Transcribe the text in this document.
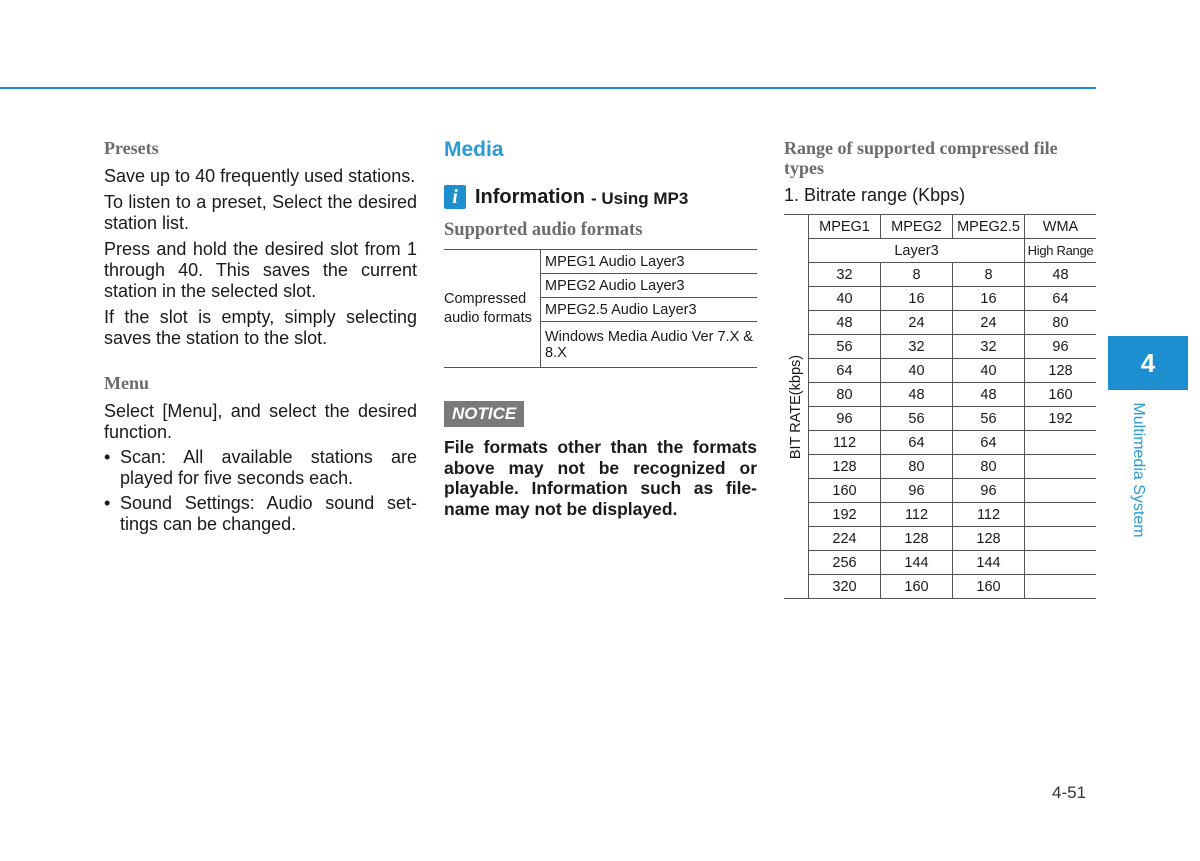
Presets

Save up to 40 frequently used stations.

To listen to a preset, Select the desired station list.

Press and hold the desired slot from 1 through 40. This saves the current station in the selected slot.

If the slot is empty, simply selecting saves the station to the slot.

Menu

Select [Menu], and select the desired function.

• Scan: All available stations are played for five seconds each.
• Sound Settings: Audio sound set-tings can be changed.
Media
i Information - Using MP3
Supported audio formats
Compressed audio formats	MPEG1 Audio Layer3
MPEG2 Audio Layer3
MPEG2.5 Audio Layer3
Windows Media Audio Ver 7.X & 8.X
NOTICE
File formats other than the formats above may not be recognized or playable. Information such as file-name may not be displayed.
Range of supported compressed file types

1. Bitrate range (Kbps)

BIT RATE(kbps)	MPEG1	MPEG2	MPEG2.5	WMA
	Layer3			High Range
	32	8	8	48
	40	16	16	64
	48	24	24	80
	56	32	32	96
	64	40	40	128
	80	48	48	160
	96	56	56	192
	112	64	64	
	128	80	80	
	160	96	96	
	192	112	112	
	224	128	128	
	256	144	144	
	320	160	160	
4
Multimedia System
4-51
